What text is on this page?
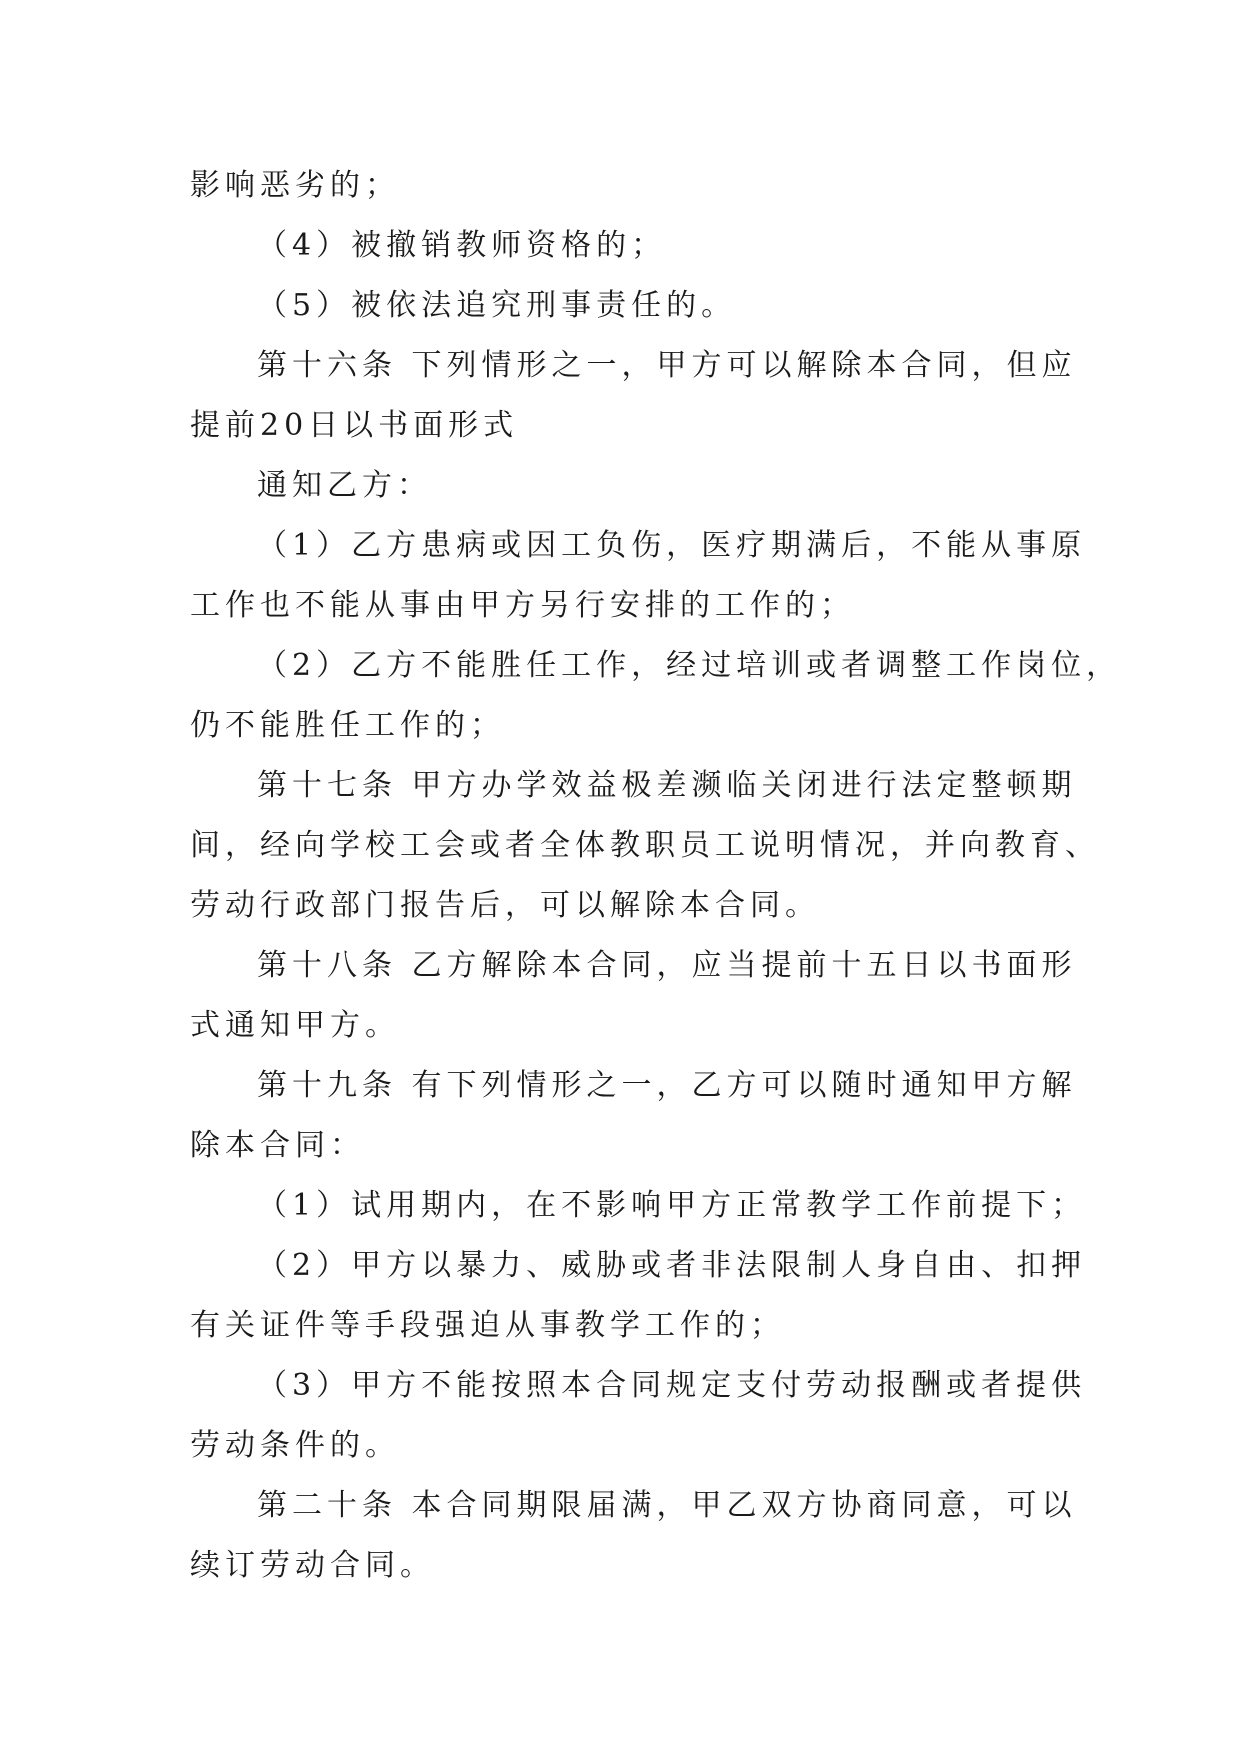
影响恶劣的；
（4）被撤销教师资格的；
（5）被依法追究刑事责任的。
第十六条 下列情形之一，甲方可以解除本合同，但应
提前20日以书面形式
通知乙方：
（1）乙方患病或因工负伤，医疗期满后，不能从事原
工作也不能从事由甲方另行安排的工作的；
（2）乙方不能胜任工作，经过培训或者调整工作岗位，
仍不能胜任工作的；
第十七条 甲方办学效益极差濒临关闭进行法定整顿期
间，经向学校工会或者全体教职员工说明情况，并向教育、
劳动行政部门报告后，可以解除本合同。
第十八条 乙方解除本合同，应当提前十五日以书面形
式通知甲方。
第十九条 有下列情形之一，乙方可以随时通知甲方解
除本合同：
（1）试用期内，在不影响甲方正常教学工作前提下；
（2）甲方以暴力、威胁或者非法限制人身自由、扣押
有关证件等手段强迫从事教学工作的；
（3）甲方不能按照本合同规定支付劳动报酬或者提供
劳动条件的。
第二十条 本合同期限届满，甲乙双方协商同意，可以
续订劳动合同。
